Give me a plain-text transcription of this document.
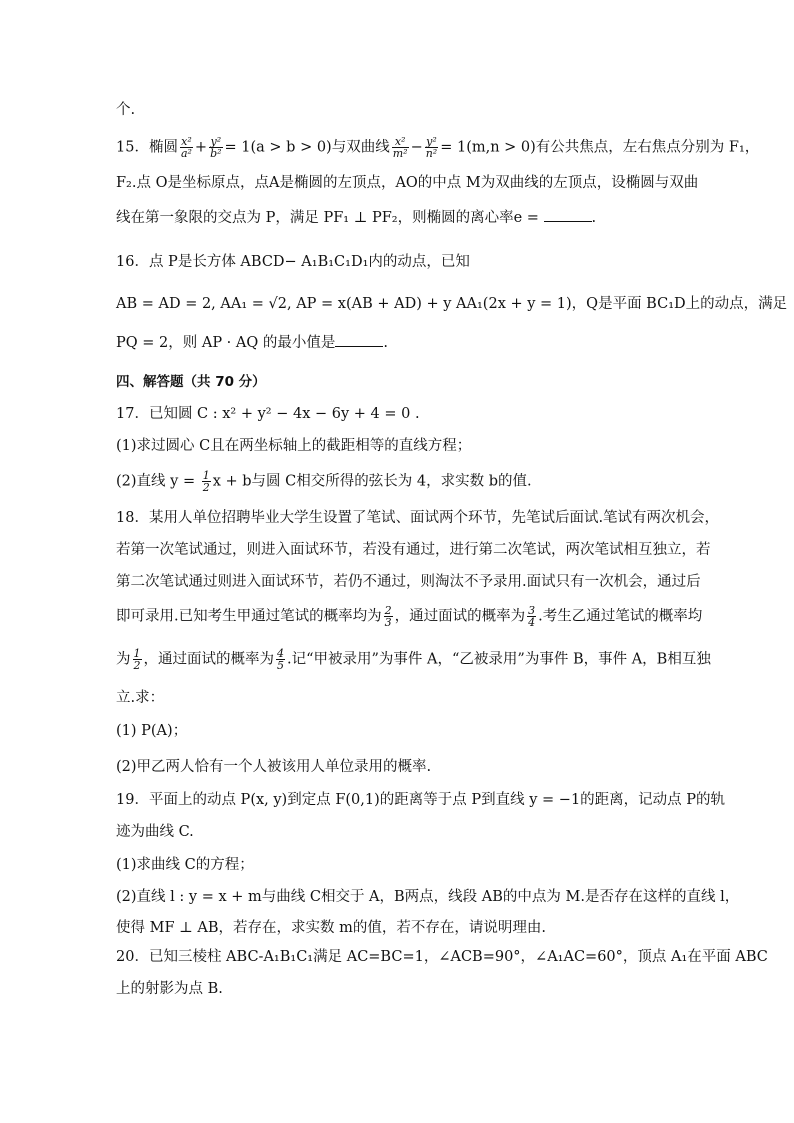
个.
15．椭圆 $\frac{\text{x²}}{\text{a²}} + \frac{\text{y²}}{\text{b²}} = 1(a > b > 0)$与双曲线 $\frac{\text{x²}}{\text{m²}} - \frac{\text{y²}}{\text{n²}} = 1(m,n > 0)$有公共焦点，左右焦点分别为 F₁，
F₂.点 O是坐标原点，点A是椭圆的左顶点，AO的中点 M为双曲线的左顶点，设椭圆与双曲
线在第一象限的交点为 P，满足 PF₁ ⊥ PF₂，则椭圆的离心率e =	.
16．点 P是长方体 ABCD− A₁B₁C₁D₁内的动点，已知
AB = AD = 2, AA₁ = √2, AP = x(AB + AD) + y AA₁(2x + y = 1)，Q是平面 BC₁D上的动点，满足
PQ = 2，则 AP · AQ 的最小值是	.
四、解答题（共 70 分）
17．已知圆 C : x² + y² − 4x − 6y + 4 = 0 .
(1)求过圆心 C且在两坐标轴上的截距相等的直线方程；
(2)直线 $y = \frac{1}{2}$ x + b与圆 C相交所得的弦长为 4，求实数 b的值.
18．某用人单位招聘毕业大学生设置了笔试、面试两个环节，先笔试后面试.笔试有两次机会，
若第一次笔试通过，则进入面试环节，若没有通过，进行第二次笔试，两次笔试相互独立，若
第二次笔试通过则进入面试环节，若仍不通过，则淘汰不予录用.面试只有一次机会，通过后
即可录用.已知考生甲通过笔试的概率均为 $\frac{2}{3}$ ，通过面试的概率为 $\frac{3}{4}$ .考生乙通过笔试的概率均
为 $\frac{1}{2}$ ，通过面试的概率为 $\frac{4}{5}$ .记“甲被录用”为事件 A，“乙被录用”为事件 B，事件 A，B相互独
立.求：
(1) P(A)；
(2)甲乙两人恰有一个人被该用人单位录用的概率.
19．平面上的动点 P(x, y)到定点 F(0,1)的距离等于点 P到直线 y = −1的距离，记动点 P的轨
迹为曲线 C.
(1)求曲线 C的方程；
(2)直线 l : y = x + m与曲线 C相交于 A，B两点，线段 AB的中点为 M.是否存在这样的直线 l，
使得 MF ⊥ AB，若存在，求实数 m的值，若不存在，请说明理由.
20．已知三棱柱 ABC-A₁B₁C₁满足 AC=BC=1，∠ACB=90°，∠A₁AC=60°，顶点 A₁在平面 ABC
上的射影为点 B.
